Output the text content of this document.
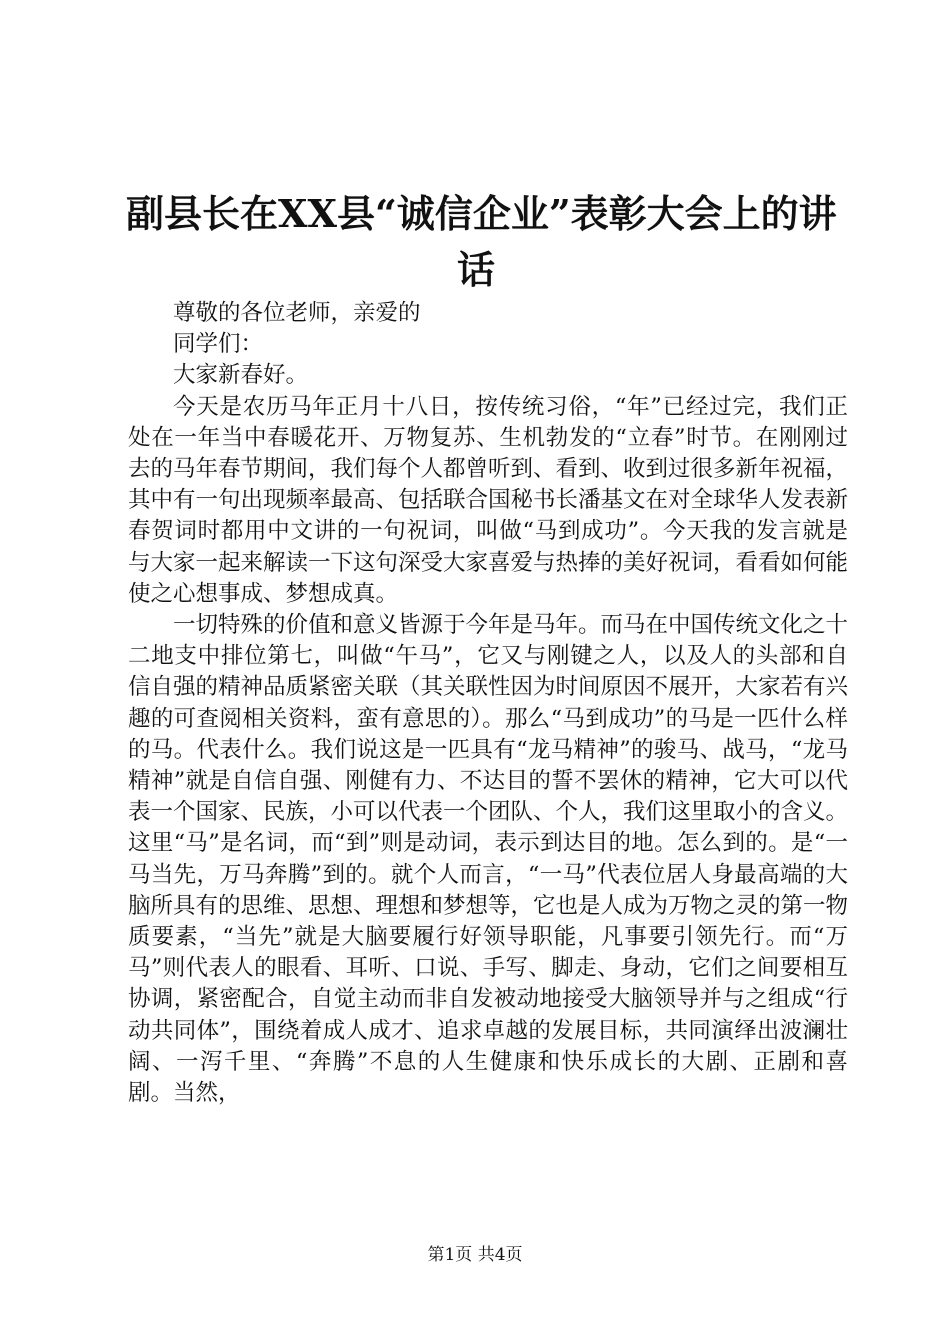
副县长在XX县“诚信企业”表彰大会上的讲
话

尊敬的各位老师，亲爱的

同学们：

大家新春好。

今天是农历马年正月十八日，按传统习俗，“年”已经过完，我们正处在一年当中春暖花开、万物复苏、生机勃发的“立春”时节。在刚刚过去的马年春节期间，我们每个人都曾听到、看到、收到过很多新年祝福，其中有一句出现频率最高、包括联合国秘书长潘基文在对全球华人发表新春贺词时都用中文讲的一句祝词，叫做“马到成功”。今天我的发言就是与大家一起来解读一下这句深受大家喜爱与热捧的美好祝词，看看如何能使之心想事成、梦想成真。

一切特殊的价值和意义皆源于今年是马年。而马在中国传统文化之十二地支中排位第七，叫做“午马”，它又与刚键之人，以及人的头部和自信自强的精神品质紧密关联（其关联性因为时间原因不展开，大家若有兴趣的可查阅相关资料，蛮有意思的）。那么“马到成功”的马是一匹什么样的马。代表什么。我们说这是一匹具有“龙马精神”的骏马、战马，“龙马精神”就是自信自强、刚健有力、不达目的誓不罢休的精神，它大可以代表一个国家、民族，小可以代表一个团队、个人，我们这里取小的含义。这里“马”是名词，而“到”则是动词，表示到达目的地。怎么到的。是“一马当先，万马奔腾”到的。就个人而言，“一马”代表位居人身最高端的大脑所具有的思维、思想、理想和梦想等，它也是人成为万物之灵的第一物质要素，“当先”就是大脑要履行好领导职能，凡事要引领先行。而“万马”则代表人的眼看、耳听、口说、手写、脚走、身动，它们之间要相互协调，紧密配合，自觉主动而非自发被动地接受大脑领导并与之组成“行动共同体”，围绕着成人成才、追求卓越的发展目标，共同演绎出波澜壮阔、一泻千里、“奔腾”不息的人生健康和快乐成长的大剧、正剧和喜剧。当然，

第1页 共4页
